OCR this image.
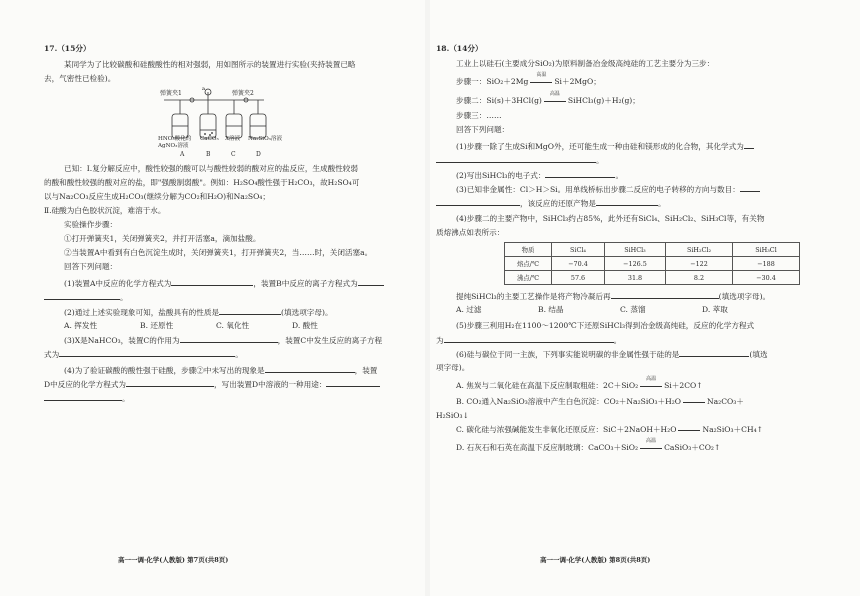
17.（15分）
某同学为了比较碳酸和硅酸酸性的相对强弱，用如图所示的装置进行实验(夹持装置已略
去，气密性已检验)。
a
弹簧夹1	弹簧夹2
HNO₃酸化的
AgNO₃溶液
CaCO₃ X溶液 Na₂SiO₃溶液
A	B	C	D
已知：Ⅰ.复分解反应中，酸性较强的酸可以与酸性较弱的酸对应的盐反应，生成酸性较弱
的酸和酸性较强的酸对应的盐，即"强酸制弱酸"。例如：H₂SO₄酸性强于H₂CO₃，故H₂SO₄可
以与Na₂CO₃反应生成H₂CO₃(继续分解为CO₂和H₂O)和Na₂SO₄；
Ⅱ.硅酸为白色胶状沉淀，难溶于水。
实验操作步骤：
①打开弹簧夹1，关闭弹簧夹2，并打开活塞a，滴加盐酸。
②当装置A中看到有白色沉淀生成时，关闭弹簧夹1，打开弹簧夹2，当……时，关闭活塞a。
回答下列问题：
(1)装置A中反应的化学方程式为	，装置B中反应的离子方程式为
。
(2)通过上述实验现象可知，盐酸具有的性质是	(填选项字母)。
A. 挥发性	B. 还原性	C. 氧化性	D. 酸性
(3)X是NaHCO₃，装置C的作用为	，装置C中发生反应的离子方程
式为	。
(4)为了验证碳酸的酸性强于硅酸，步骤②中未写出的现象是	，装置
D中反应的化学方程式为	，写出装置D中溶液的一种用途：
。
高一一调·化学(人教版) 第7页(共8页)
18.（14分）
工业上以硅石(主要成分SiO₂)为原料制备冶金级高纯硅的工艺主要分为三步：
步骤一：SiO₂＋2Mg
高温
Si＋2MgO；
步骤二：Si(s)＋3HCl(g)
高温
SiHCl₃(g)＋H₂(g)；
步骤三：……
回答下列问题：
(1)步骤一除了生成Si和MgO外，还可能生成一种由硅和镁形成的化合物，其化学式为
。
(2)写出SiHCl₃的电子式：	。
(3)已知非金属性：Cl＞H＞Si。用单线桥标出步骤二反应的电子转移的方向与数目：
，该反应的还原产物是	。
(4)步骤二的主要产物中，SiHCl₃约占85%，此外还有SiCl₄、SiH₂Cl₂、SiH₃Cl等，有关物
质熔沸点如表所示：
物质	SiCl₄	SiHCl₃	SiH₂Cl₂	SiH₃Cl
熔点/℃	−70.4	−126.5	−122	−188
沸点/℃	57.6	31.8	8.2	−30.4
提纯SiHCl₃的主要工艺操作是将产物冷凝后再	(填选项字母)。
A. 过滤	B. 结晶	C. 蒸馏	D. 萃取
(5)步骤三利用H₂在1100～1200℃下还原SiHCl₃得到冶金级高纯硅，反应的化学方程式
为	。
(6)硅与碳位于同一主族，下列事实能说明碳的非金属性强于硅的是	(填选
项字母)。
A. 焦炭与二氧化硅在高温下反应制取粗硅：2C＋SiO₂
高温
Si＋2CO↑
B. CO₂通入Na₂SiO₃溶液中产生白色沉淀：CO₂＋Na₂SiO₃＋H₂O	Na₂CO₃＋
H₂SiO₃↓
C. 碳化硅与浓强碱能发生非氧化还原反应：SiC＋2NaOH＋H₂O	Na₂SiO₃＋CH₄↑
D. 石灰石和石英在高温下反应制玻璃：CaCO₃＋SiO₂
高温
CaSiO₃＋CO₂↑
高一一调·化学(人教版) 第8页(共8页)
